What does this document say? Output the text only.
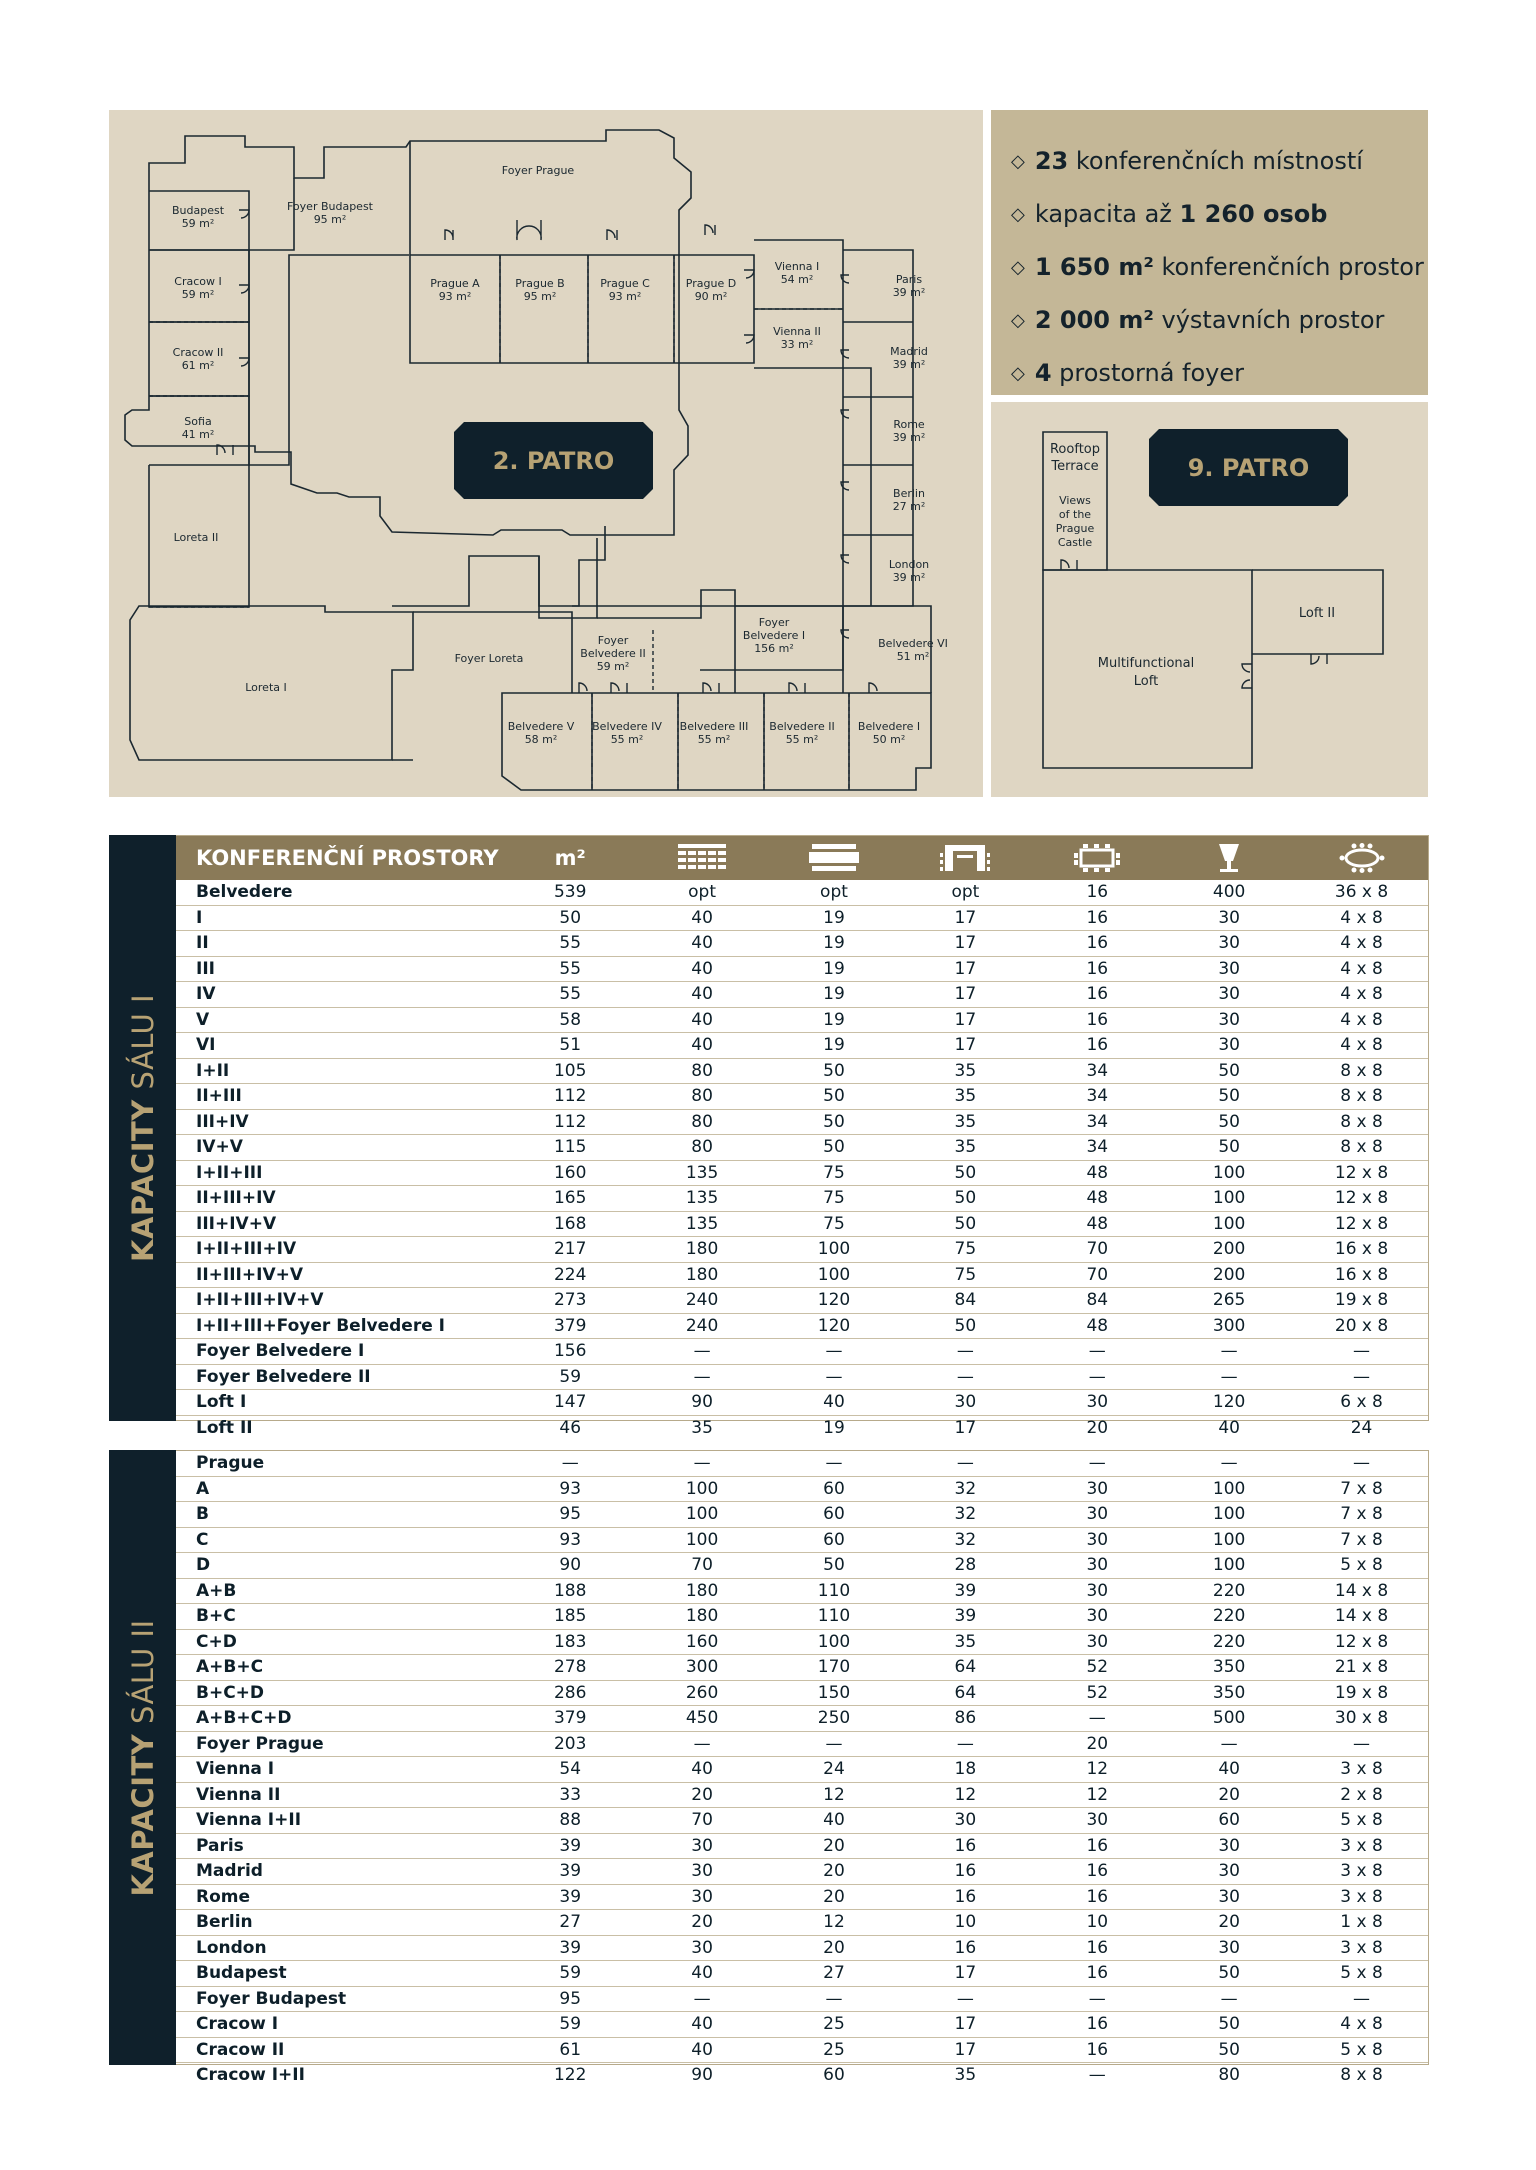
2. PATRO
Budapest
59 m²
Foyer Budapest
95 m²
Foyer Prague
Cracow I
59 m²
Cracow II
61 m²
Sofia
41 m²
Prague A
93 m²
Prague B
95 m²
Prague C
93 m²
Prague D
90 m²
Vienna I
54 m²
Vienna II
33 m²
Paris
39 m²
Madrid
39 m²
Rome
39 m²
Berlin
27 m²
London
39 m²
Loreta II
Loreta I
Foyer Loreta
Foyer
Belvedere II
59 m²
Foyer
Belvedere I
156 m²	Belvedere VI
51 m²
Belvedere V
58 m²
Belvedere IV
55 m²
Belvedere III
55 m²
Belvedere II
55 m²
Belvedere I
50 m²
◇ 23 konferenčních místností
◇ kapacita až 1 260 osob
◇ 1 650 m² konferenčních prostor
◇ 2 000 m² výstavních prostor
◇ 4 prostorná foyer
9. PATRO
Rooftop
Terrace
Views
of the
Prague
Castle
Loft II
Multifunctional
Loft
KAPACITY SÁLU I
KONFERENČNÍ PROSTORY	m²
Belvedere	539	opt	opt	opt	16	400	36 x 8
I	50	40	19	17	16	30	4 x 8
II	55	40	19	17	16	30	4 x 8
III	55	40	19	17	16	30	4 x 8
IV	55	40	19	17	16	30	4 x 8
V	58	40	19	17	16	30	4 x 8
VI	51	40	19	17	16	30	4 x 8
I+II	105	80	50	35	34	50	8 x 8
II+III	112	80	50	35	34	50	8 x 8
III+IV	112	80	50	35	34	50	8 x 8
IV+V	115	80	50	35	34	50	8 x 8
I+II+III	160	135	75	50	48	100	12 x 8
II+III+IV	165	135	75	50	48	100	12 x 8
III+IV+V	168	135	75	50	48	100	12 x 8
I+II+III+IV	217	180	100	75	70	200	16 x 8
II+III+IV+V	224	180	100	75	70	200	16 x 8
I+II+III+IV+V	273	240	120	84	84	265	19 x 8
I+II+III+Foyer Belvedere I	379	240	120	50	48	300	20 x 8
Foyer Belvedere I	156	—	—	—	—	—	—
Foyer Belvedere II	59	—	—	—	—	—	—
Loft I	147	90	40	30	30	120	6 x 8
Loft II	46	35	19	17	20	40	24
KAPACITY SÁLU II
Prague	—	—	—	—	—	—	—
A	93	100	60	32	30	100	7 x 8
B	95	100	60	32	30	100	7 x 8
C	93	100	60	32	30	100	7 x 8
D	90	70	50	28	30	100	5 x 8
A+B	188	180	110	39	30	220	14 x 8
B+C	185	180	110	39	30	220	14 x 8
C+D	183	160	100	35	30	220	12 x 8
A+B+C	278	300	170	64	52	350	21 x 8
B+C+D	286	260	150	64	52	350	19 x 8
A+B+C+D	379	450	250	86	—	500	30 x 8
Foyer Prague	203	—	—	—	20	—	—
Vienna I	54	40	24	18	12	40	3 x 8
Vienna II	33	20	12	12	12	20	2 x 8
Vienna I+II	88	70	40	30	30	60	5 x 8
Paris	39	30	20	16	16	30	3 x 8
Madrid	39	30	20	16	16	30	3 x 8
Rome	39	30	20	16	16	30	3 x 8
Berlin	27	20	12	10	10	20	1 x 8
London	39	30	20	16	16	30	3 x 8
Budapest	59	40	27	17	16	50	5 x 8
Foyer Budapest	95	—	—	—	—	—	—
Cracow I	59	40	25	17	16	50	4 x 8
Cracow II	61	40	25	17	16	50	5 x 8
Cracow I+II	122	90	60	35	—	80	8 x 8
